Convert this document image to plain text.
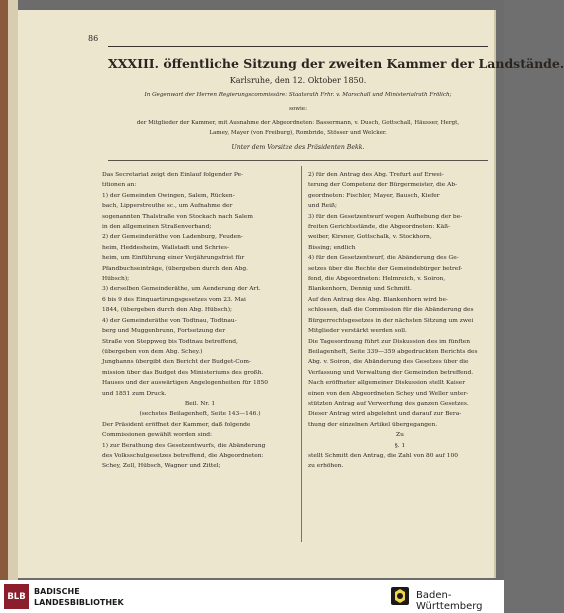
86
XXXIII. öffentliche Sitzung der zweiten Kammer der Landstände.
Karlsruhe, den 12. Oktober 1850.
In Gegenwart der Herren Regierungscommissäre: Staatsrath Frhr. v. Marschall und Ministerialrath Frölich;
sowie:
der Mitglieder der Kammer, mit Ausnahme der Abgeordneten: Bassermann, v. Dusch, Gottschall, Häusser, Hergt,
Lamey, Mayer (von Freiburg), Rombride, Stösser und Welcker.
Unter dem Vorsitze des Präsidenten Bekk.

Das Secretariat zeigt den Einlauf folgender Pe-

titionen an:

1) der Gemeinden Owingen, Salem, Rücken-

bach, Lipperstreuthe sc., um Aufnahme der

sogenannten Thalstraße von Stockach nach Salem

in den allgemeinen Straßenverband;

2) der Gemeinderäthe von Ladenburg, Feuden-

heim, Heddesheim, Wallstadt und Schries-

heim, um Einführung einer Verjährungsfrist für

Pfandbuchseinträge, (übergeben durch den Abg.

Hübsch);

3) derselben Gemeinderäthe, um Aenderung der Art.

6 bis 9 des Einquartirungsgesetzes vom 23. Mai

1844, (übergeben durch den Abg. Hübsch);

4) der Gemeinderäthe von Todtnau, Todtnau-

berg und Muggenbrunn, Fortsetzung der

Straße von Steppweg bis Todtnau betreffend,

(übergeben von dem Abg. Schey.)

Junghanns übergibt den Bericht der Budget-Com-

mission über das Budget des Ministeriums des großh.

Hauses und der auswärtigen Angelegenheiten für 1850

und 1851 zum Druck.

Beil. Nr. 1

(sechstes Beilagenheft, Seite 143—146.)

Der Präsident eröffnet der Kammer, daß folgende

Commissionen gewählt worden sind:

1) zur Berathung des Gesetzentwurfs, die Abänderung

des Volksschulgesetzes betreffend, die Abgeordneten:

Schey, Zell, Hübsch, Wagner und Zittel;

2) für den Antrag des Abg. Trefurt auf Erwei-

terung der Competenz der Bürgermeister, die Ab-

geordneten: Fischler, Mayer, Bausch, Kiefer

und Reiß;

3) für den Gesetzentwurf wegen Aufhebung der be-

freiten Gerichtsstände, die Abgeordneten: Käß-

weiber, Kirsner, Gottschalk, v. Stockhorn,

Bissing; endlich

4) für den Gesetzentwurf, die Abänderung des Ge-

setzes über die Rechte der Gemeindebürger betref-

fend, die Abgeordneten: Helmreich, v. Soiron,

Blankenhorn, Dennig und Schmitt.

Auf den Antrag des Abg. Blankenhorn wird be-

schlossen, daß die Commission für die Abänderung des

Bürgerrechtsgesetzes in der nächsten Sitzung um zwei

Mitglieder verstärkt werden soll.

Die Tagesordnung führt zur Diskussion des im fünften

Beilagenheft, Seite 339—359 abgedruckten Berichts des

Abg. v. Soiron, die Abänderung des Gesetzes über die

Verfassung und Verwaltung der Gemeinden betreffend.

Nach eröffneter allgemeiner Diskussion stellt Kaiser

einen von den Abgeordneten Schey und Weller unter-

stützten Antrag auf Verwerfung des ganzen Gesetzes.

Dieser Antrag wird abgelehnt und darauf zur Bera-

thung der einzelnen Artikel übergegangen.

Zu

§. 1

stellt Schmitt den Antrag, die Zahl von 80 auf 100

zu erhöhen.

BLB	BADISCHE
LANDESBIBLIOTHEK
Baden-Württemberg
